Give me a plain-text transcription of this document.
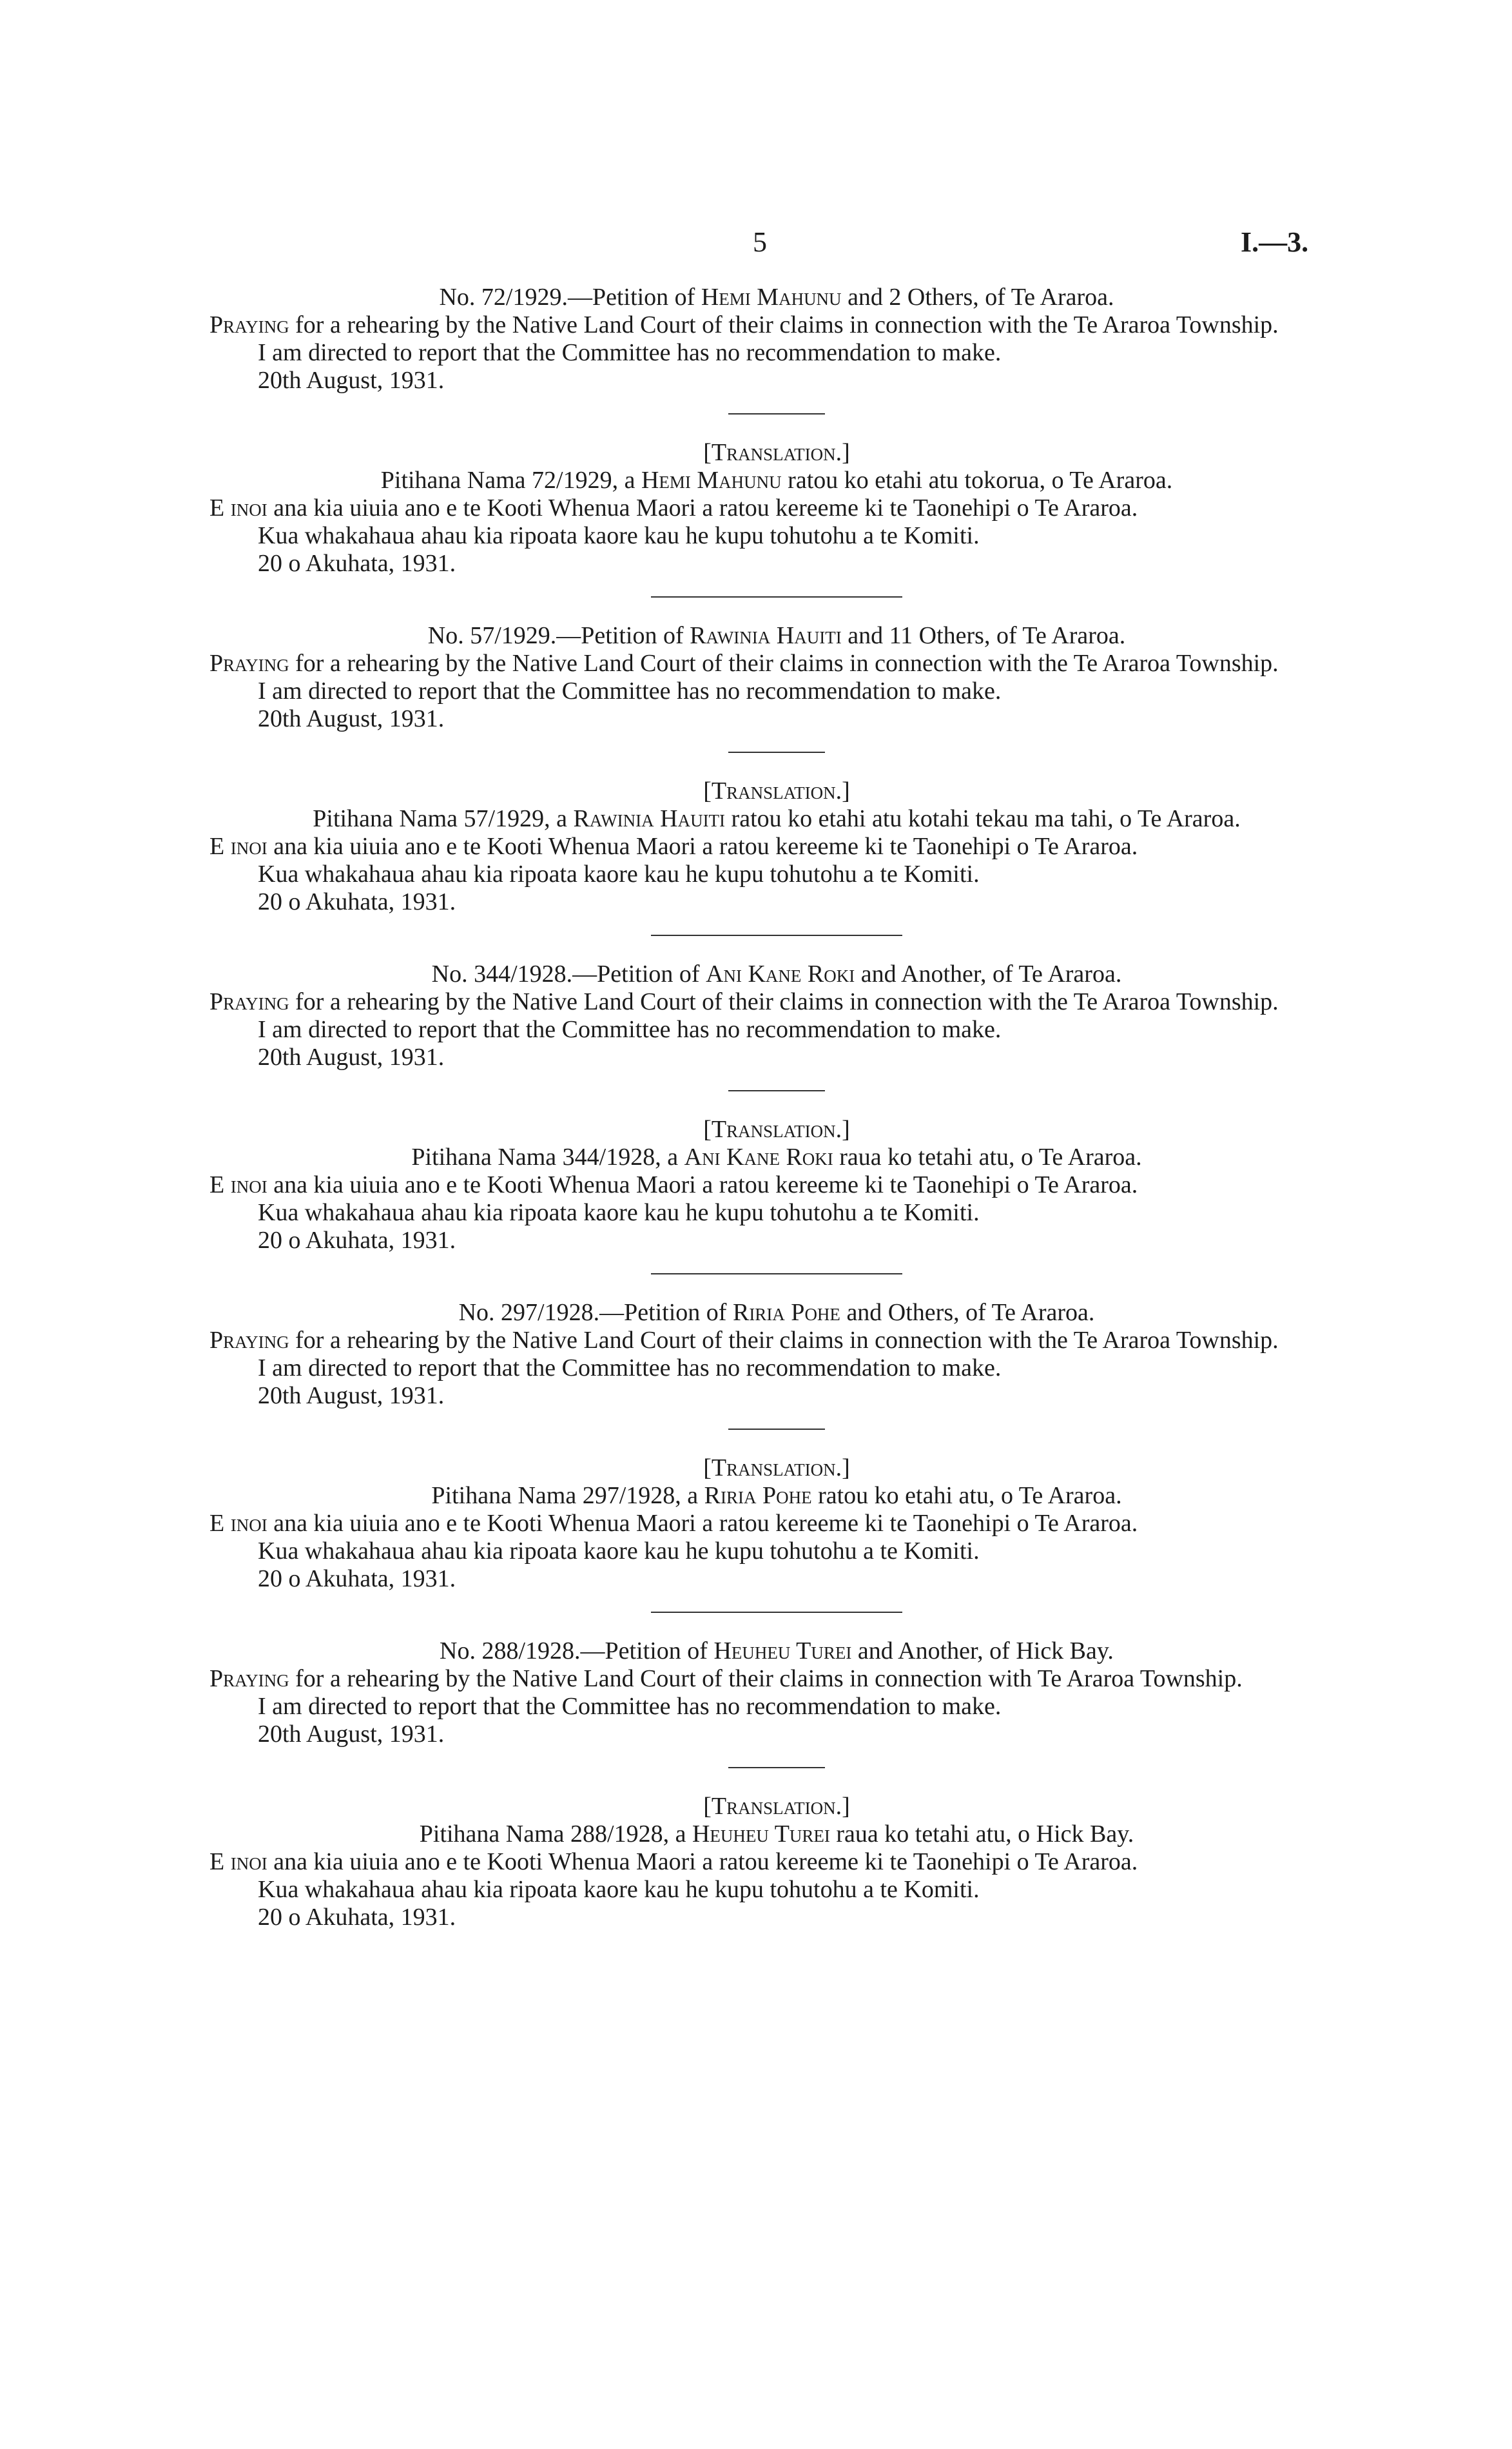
5	I.—3.
No. 72/1929.—Petition of Hemi Mahunu and 2 Others, of Te Araroa.
Praying for a rehearing by the Native Land Court of their claims in connection with the Te Araroa Township.
I am directed to report that the Committee has no recommendation to make.
20th August, 1931.
[Translation.]
Pitihana Nama 72/1929, a Hemi Mahunu ratou ko etahi atu tokorua, o Te Araroa.
E inoi ana kia uiuia ano e te Kooti Whenua Maori a ratou kereeme ki te Taonehipi o Te Araroa.
Kua whakahaua ahau kia ripoata kaore kau he kupu tohutohu a te Komiti.
20 o Akuhata, 1931.
No. 57/1929.—Petition of Rawinia Hauiti and 11 Others, of Te Araroa.
Praying for a rehearing by the Native Land Court of their claims in connection with the Te Araroa Township.
I am directed to report that the Committee has no recommendation to make.
20th August, 1931.
[Translation.]
Pitihana Nama 57/1929, a Rawinia Hauiti ratou ko etahi atu kotahi tekau ma tahi, o Te Araroa.
E inoi ana kia uiuia ano e te Kooti Whenua Maori a ratou kereeme ki te Taonehipi o Te Araroa.
Kua whakahaua ahau kia ripoata kaore kau he kupu tohutohu a te Komiti.
20 o Akuhata, 1931.
No. 344/1928.—Petition of Ani Kane Roki and Another, of Te Araroa.
Praying for a rehearing by the Native Land Court of their claims in connection with the Te Araroa Township.
I am directed to report that the Committee has no recommendation to make.
20th August, 1931.
[Translation.]
Pitihana Nama 344/1928, a Ani Kane Roki raua ko tetahi atu, o Te Araroa.
E inoi ana kia uiuia ano e te Kooti Whenua Maori a ratou kereeme ki te Taonehipi o Te Araroa.
Kua whakahaua ahau kia ripoata kaore kau he kupu tohutohu a te Komiti.
20 o Akuhata, 1931.
No. 297/1928.—Petition of Riria Pohe and Others, of Te Araroa.
Praying for a rehearing by the Native Land Court of their claims in connection with the Te Araroa Township.
I am directed to report that the Committee has no recommendation to make.
20th August, 1931.
[Translation.]
Pitihana Nama 297/1928, a Riria Pohe ratou ko etahi atu, o Te Araroa.
E inoi ana kia uiuia ano e te Kooti Whenua Maori a ratou kereeme ki te Taonehipi o Te Araroa.
Kua whakahaua ahau kia ripoata kaore kau he kupu tohutohu a te Komiti.
20 o Akuhata, 1931.
No. 288/1928.—Petition of Heuheu Turei and Another, of Hick Bay.
Praying for a rehearing by the Native Land Court of their claims in connection with Te Araroa Township.
I am directed to report that the Committee has no recommendation to make.
20th August, 1931.
[Translation.]
Pitihana Nama 288/1928, a Heuheu Turei raua ko tetahi atu, o Hick Bay.
E inoi ana kia uiuia ano e te Kooti Whenua Maori a ratou kereeme ki te Taonehipi o Te Araroa.
Kua whakahaua ahau kia ripoata kaore kau he kupu tohutohu a te Komiti.
20 o Akuhata, 1931.
